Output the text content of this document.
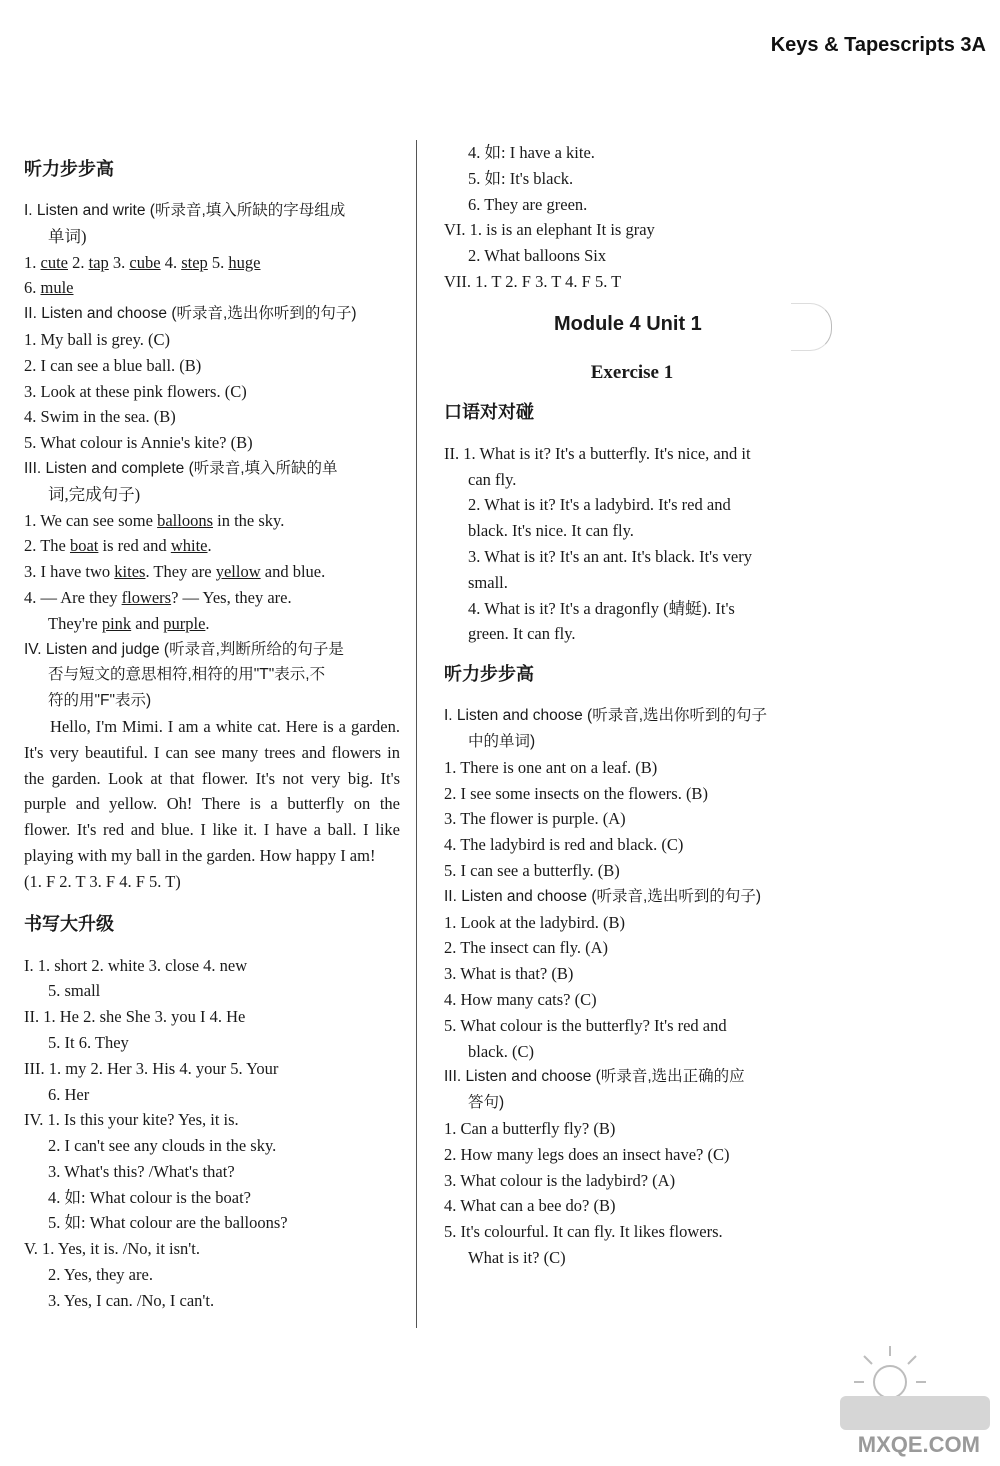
Keys & Tapescripts 3A
听力步步高
I. Listen and write (听录音,填入所缺的字母组成
单词)
1. cute 2. tap 3. cube 4. step 5. huge
6. mule
II. Listen and choose (听录音,选出你听到的句子)
1. My ball is grey. (C)
2. I can see a blue ball. (B)
3. Look at these pink flowers. (C)
4. Swim in the sea. (B)
5. What colour is Annie's kite? (B)
III. Listen and complete (听录音,填入所缺的单
词,完成句子)
1. We can see some balloons in the sky.
2. The boat is red and white.
3. I have two kites. They are yellow and blue.
4. — Are they flowers? — Yes, they are.
They're pink and purple.
IV. Listen and judge (听录音,判断所给的句子是
否与短文的意思相符,相符的用"T"表示,不
符的用"F"表示)
Hello, I'm Mimi. I am a white cat. Here is a garden. It's very beautiful. I can see many trees and flowers in the garden. Look at that flower. It's not very big. It's purple and yellow. Oh! There is a butterfly on the flower. It's red and blue. I like it. I have a ball. I like playing with my ball in the garden. How happy I am!
(1. F 2. T 3. F 4. F 5. T)
书写大升级
I. 1. short 2. white 3. close 4. new
5. small
II. 1. He 2. she She 3. you I 4. He
5. It 6. They
III. 1. my 2. Her 3. His 4. your 5. Your
6. Her
IV. 1. Is this your kite? Yes, it is.
2. I can't see any clouds in the sky.
3. What's this? /What's that?
4. 如: What colour is the boat?
5. 如: What colour are the balloons?
V. 1. Yes, it is. /No, it isn't.
2. Yes, they are.
3. Yes, I can. /No, I can't.
4. 如: I have a kite.
5. 如: It's black.
6. They are green.
VI. 1. is is an elephant It is gray
2. What balloons Six
VII. 1. T 2. F 3. T 4. F 5. T
Module 4 Unit 1
Exercise 1
口语对对碰
II. 1. What is it? It's a butterfly. It's nice, and it
can fly.
2. What is it? It's a ladybird. It's red and
black. It's nice. It can fly.
3. What is it? It's an ant. It's black. It's very
small.
4. What is it? It's a dragonfly (蜻蜓). It's
green. It can fly.
听力步步高
I. Listen and choose (听录音,选出你听到的句子
中的单词)
1. There is one ant on a leaf. (B)
2. I see some insects on the flowers. (B)
3. The flower is purple. (A)
4. The ladybird is red and black. (C)
5. I can see a butterfly. (B)
II. Listen and choose (听录音,选出听到的句子)
1. Look at the ladybird. (B)
2. The insect can fly. (A)
3. What is that? (B)
4. How many cats? (C)
5. What colour is the butterfly? It's red and
black. (C)
III. Listen and choose (听录音,选出正确的应
答句)
1. Can a butterfly fly? (B)
2. How many legs does an insect have? (C)
3. What colour is the ladybird? (A)
4. What can a bee do? (B)
5. It's colourful. It can fly. It likes flowers.
What is it? (C)
MXQE.COM
